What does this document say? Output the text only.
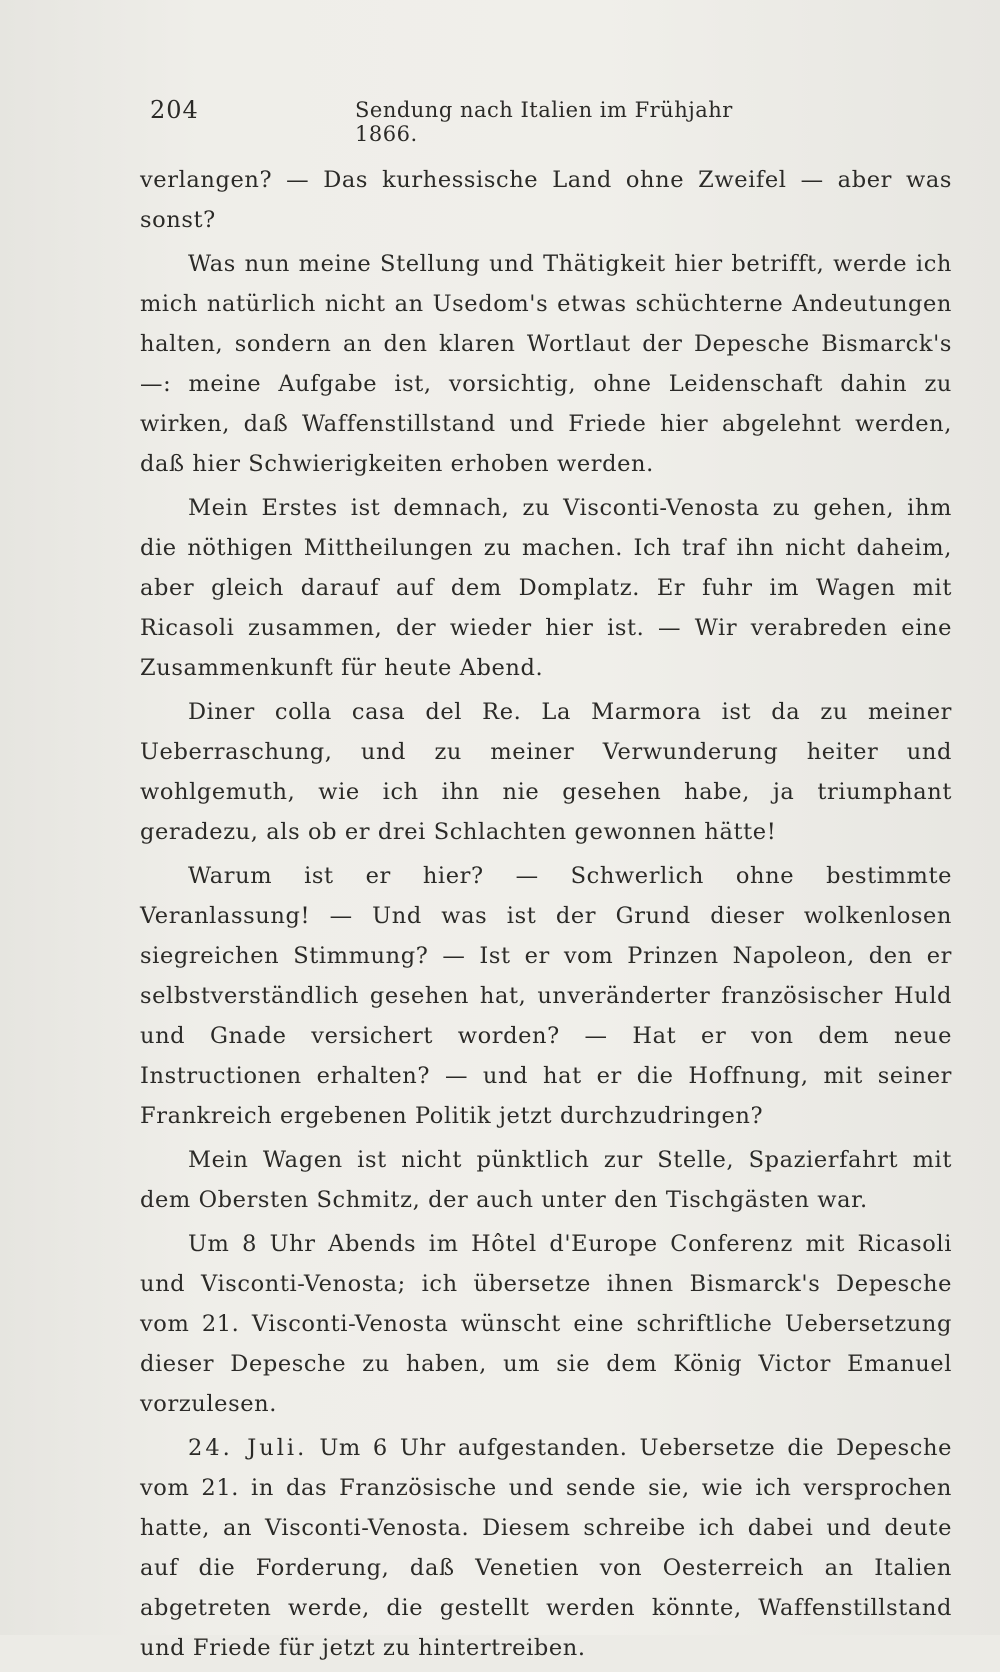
204	Sendung nach Italien im Frühjahr 1866.

verlangen? — Das kurhessische Land ohne Zweifel — aber was sonst?

Was nun meine Stellung und Thätigkeit hier betrifft, werde ich mich natürlich nicht an Usedom's etwas schüchterne Andeutungen halten, sondern an den klaren Wortlaut der Depesche Bismarck's —: meine Aufgabe ist, vorsichtig, ohne Leidenschaft dahin zu wirken, daß Waffenstillstand und Friede hier abgelehnt werden, daß hier Schwierigkeiten erhoben werden.

Mein Erstes ist demnach, zu Visconti-Venosta zu gehen, ihm die nöthigen Mittheilungen zu machen. Ich traf ihn nicht daheim, aber gleich darauf auf dem Domplatz. Er fuhr im Wagen mit Ricasoli zusammen, der wieder hier ist. — Wir verabreden eine Zusammenkunft für heute Abend.

Diner colla casa del Re. La Marmora ist da zu meiner Ueberraschung, und zu meiner Verwunderung heiter und wohlgemuth, wie ich ihn nie gesehen habe, ja triumphant geradezu, als ob er drei Schlachten gewonnen hätte!

Warum ist er hier? — Schwerlich ohne bestimmte Veranlassung! — Und was ist der Grund dieser wolkenlosen siegreichen Stimmung? — Ist er vom Prinzen Napoleon, den er selbstverständlich gesehen hat, unveränderter französischer Huld und Gnade versichert worden? — Hat er von dem neue Instructionen erhalten? — und hat er die Hoffnung, mit seiner Frankreich ergebenen Politik jetzt durchzudringen?

Mein Wagen ist nicht pünktlich zur Stelle, Spazierfahrt mit dem Obersten Schmitz, der auch unter den Tischgästen war.

Um 8 Uhr Abends im Hôtel d'Europe Conferenz mit Ricasoli und Visconti-Venosta; ich übersetze ihnen Bismarck's Depesche vom 21. Visconti-Venosta wünscht eine schriftliche Uebersetzung dieser Depesche zu haben, um sie dem König Victor Emanuel vorzulesen.

24. Juli. Um 6 Uhr aufgestanden. Uebersetze die Depesche vom 21. in das Französische und sende sie, wie ich versprochen hatte, an Visconti-Venosta. Diesem schreibe ich dabei und deute auf die Forderung, daß Venetien von Oesterreich an Italien abgetreten werde, die gestellt werden könnte, Waffenstillstand und Friede für jetzt zu hintertreiben.
